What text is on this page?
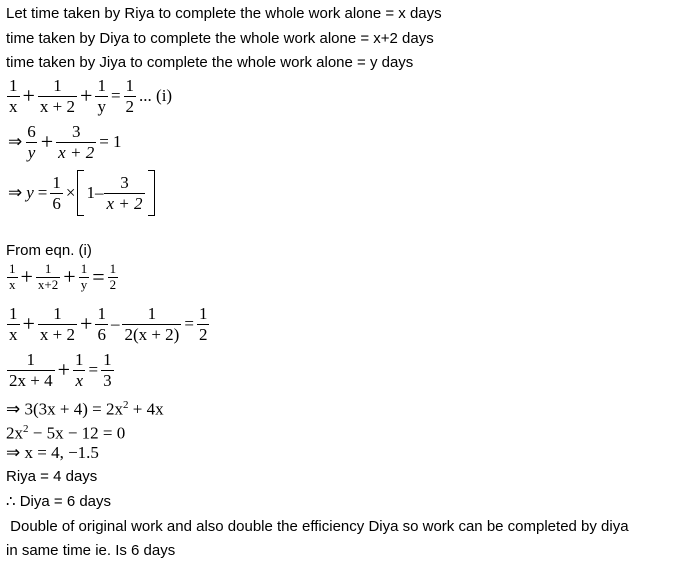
Let time taken by Riya to complete the whole work alone = x days
time taken by Diya to complete the whole work alone = x+2 days
time taken by Jiya to complete the whole work alone = y days
$\frac{1}{x} + \frac{1}{x + 2} + \frac{1}{y} = \frac{1}{2}$ ... (i)
⇒ $\frac{6}{y} + \frac{3}{x + 2} = 1$
⇒ $y = \frac{1}{6} \times 1- \frac{3}{x + 2}$
From eqn. (i)
$\frac{1}{x} + \frac{1}{x+2} + \frac{1}{y} = \frac{1}{2}$
$\frac{1}{x} + \frac{1}{x + 2} + \frac{1}{6} - \frac{1}{2(x + 2)} = \frac{1}{2}$
$\frac{1}{2x + 4} + \frac{1}{x} = \frac{1}{3}$
⇒ $3(3x + 4) = 2x^2 + 4x$
$2x^2 - 5x - 12 = 0$
⇒ x = 4, −1.5
Riya = 4 days
∴ Diya = 6 days
Double of original work and also double the efficiency Diya so work can be completed by diya
in same time ie. Is 6 days
